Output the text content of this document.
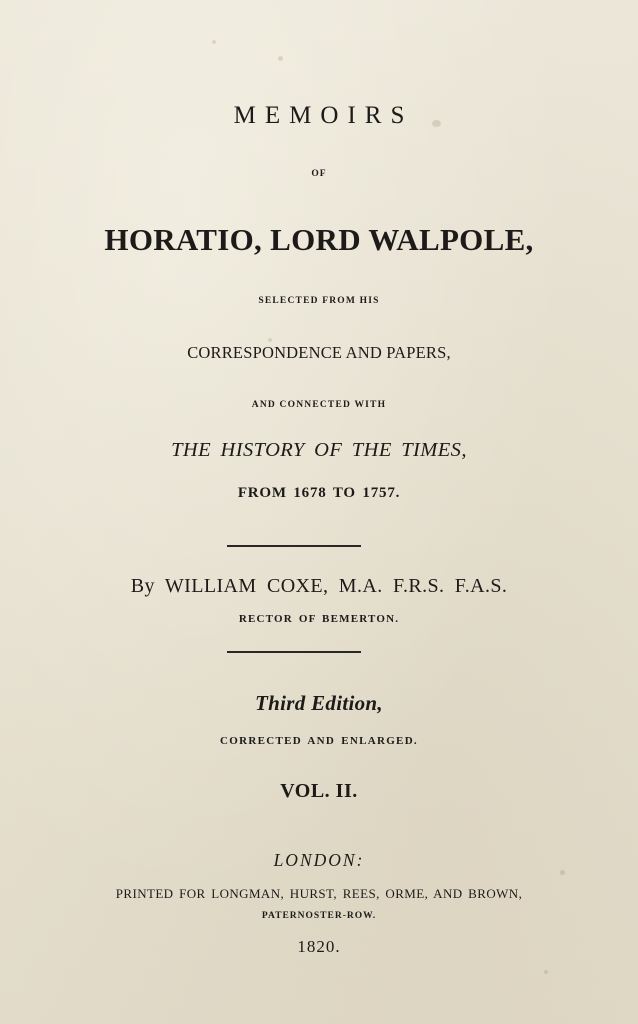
MEMOIRS
OF
HORATIO, LORD WALPOLE,
SELECTED FROM HIS
CORRESPONDENCE AND PAPERS,
AND CONNECTED WITH
THE HISTORY OF THE TIMES,
FROM 1678 TO 1757.
By WILLIAM COXE, M.A. F.R.S. F.A.S.
RECTOR OF BEMERTON.
Third Edition,
CORRECTED AND ENLARGED.
VOL. II.
LONDON:
PRINTED FOR LONGMAN, HURST, REES, ORME, AND BROWN,
PATERNOSTER-ROW.
1820.
